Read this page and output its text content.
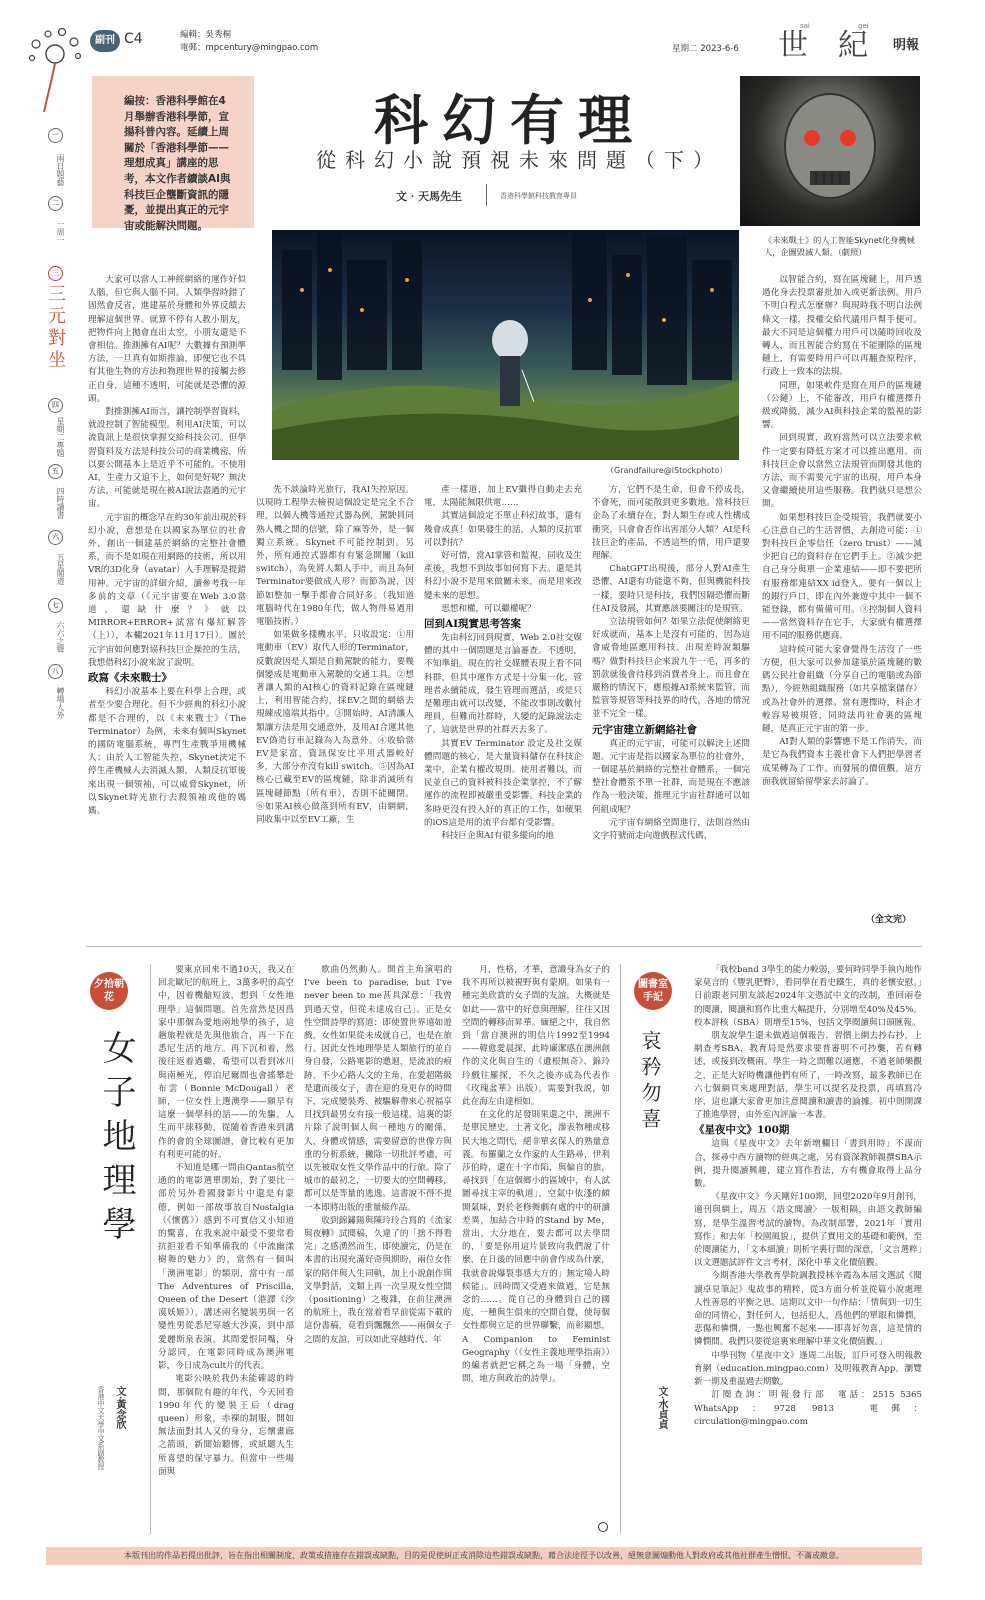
副刊 C4	編輯：吳秀桐
電郵：mpcentury@mingpao.com	星期二 2023-6-6 世紀
sai	gei
明報
一
兩日題藝
二
一周一
三
三元對坐
四
星期二專題
五
四時讀書
六
五星閣道
七
六六之聲
八
轉場人外
編按：香港科學館在4月舉辦香港科學節，宣揚科普內容。延續上周關於「香港科學節——理想成真」講座的思考，本文作者續談AI與科技巨企壟斷資訊的隱憂，並提出真正的元宇宙或能解決問題。
科幻有理
從科幻小說預視未來問題（下）
文‧天馬先生	香港科學館科技教育專員
（Grandfailure@iStockphoto）
《未來戰士》的人工智能Skynet化身機械人，企圖毀滅人類。（劇照）

大家可以當人工神經網絡的運作好似人腦，但它與人腦不同。人類學習時錯了固然會反省，進建基於身體和外界反饋去理解這個世界。就算不停有人教小朋友，把物件向上拋會直出太空，小朋友還是不會相信。推測擁有AI呢？大數據有預測準方法，一旦真有如斯推論，即便它也不具有其他生物的方法和物理世界的接觸去修正自身，這種不透明，可能就是恐懼的源頭。

對推測擁AI而言，讓控制學習資料，就設控制了智能模型。利用AI決策，可以流資訊上是很快掌握交給科技公司。但學習資料及方法是科技公司的商業機密，所以要公開基本上是近乎不可能的。不使用AI，生產力又追不上，如何是好呢？無決方法，可能就是現在被AI說法盡過的元宇宙。

元宇宙的概念早在約30年前出現於科幻小說，意想是在以國家為單位的社會外，創出一個建基於網絡的完整社會體系，而不是如現在用網路的技術，所以用VR的3D化身（avatar）入手理解是提錯用神。元宇宙的詳細介紹，讀參考我一年多前的文章（《元宇宙要在Web 3.0當道，還缺什麼？》就以MIRROR+ERROR+試當有爆紅解答（上）），本欄2021年11月17日）。圖於元宇宙如何應對協科技巨企操控的生活，我想借科幻小說來說了說明。

政寫《未來戰士》

科幻小說基本上要在科學上合理，或者至少要合理化。但不少經典的科幻小說都是不合理的，以《未來戰士》（The Terminator）為例，未來有個叫Skynet的國防電腦系統，專門生產戰爭用機械人；由於人工智能失控，Skynet決定不停生產機械人去消滅人類，人類反抗軍後來出現一個領袖，可以威脅Skynet，所以Skynet時光旅行去殺領袖或他的媽媽。

先不談論時光旅行，我AI失控原因。以現時工程學去檢視這個設定是完全不合理，以個人機等通控式器為例，駕駛員同熟人機之間的信號，除了麻等外，是一個獨立系統。Skynet不可能控制到。另外，所有通控式器都有有緊急開關（kill switch），為免將人類人手中，而且為何Terminator要做成人形？而節為說，因節如整加一擊手都會合同好多。（我知道電腦時代在1980年代，做人物得易過用電腦技術。）

如果做多樣機水平，只收設定：①用電動車（EV）取代人形的Terminator，反數說因是人類是自動駕駛的能力，要幾個變成是電動車入駕駛的交通工具。②想著讓人類的AI核心的資料記錄在區塊鏈上，利用智能合約，採EV之間的網絡去規練成遠端其指中。③開始時，AI清讓人類讓方法是用交通意外，及用AI合運其他EV偽造行車記錄為人為意外。④收給當EV是家富，資訊保安比平用式器較好多，大部分亦沒有kill switch。⑤因為AI核心已藏至EV的區塊鏈，除非消滅所有區塊鏈節點（所有車），否則不能關閉。⑥如果AI核心做落到所有EV，由網網，同收集中以至EV工廠，生

產一樣道，加上EV攝得自動走去充電，太陽能無限供電……

其實這個設定不單止科幻故事，還有幾會成真！如果發生的話，人類的反抗軍可以對抗？

好可惜，當AI掌管和監視，同收及生產後，我想不到故事如何寫下去。還是其科幻小說不是用來做關未來，而是用來改變未來的思想。

思想和權，可以繼權呢？

回到AI現實思考答案

先由科幻回到現實，Web 2.0社交媒體的其中一個問題是言論審查。不透明，不知準組。現在的社交媒體表現上看不同科群，但其中運作方式是十分集一化，管理者永續能成，發生管理而選話，或是只是難理由就可以改變，不能改事則改數付理員，但難而社群時，人變的記錄說法走了，這就是世界的社群丟去多了。

其實EV Terminator 設定及社交媒體問題的核心，是大量資料儲存在科技企業中，企業有權改規則。使用者難以，而民並自己的資料被科技企業掌控，不了解運作的流程即被嚴重受影響。科技企業的多時更沒有投入好的真正的工作，如蘋果的iOS這是用的流平台都有受影響。

科技巨企與AI有很多縱向的地

方，它們不是生命，但會不停成長，不會死，而可能散到更多數地。當科技巨企為了永續存在，對人類生存或人性構成衝突，只會會否作出害部分人類？AI是科技巨企的產品，不透這些的情，用戶還要理解。

ChatGPT出現後，部分人對AI產生恐懼，AI還有功能還不夠，但與機能科技一樣，要時只是科技，我們因隔恐懼而斷住AI及發展，其實應該要關注的是規管。

立法規管如何？如果立法促使網絡更好成就而，基本上是沒有可能的，因為這會威脅地區應用科技。出現差時說類驅嗎？做對科技巨企來說九牛一毛，再多的罰款就後會待移到消費者身上，而且會在嚴格的情況下，應根據AI系統來監管，而監管等規管等科技界的時代，各地的情況並不完全一樣。

元宇宙建立新網絡社會

真正的元宇宙，可能可以解決上述問題。元宇宙是指以國家為單位的社會外，一個建基於網絡的完整社會體系，一個完整社會體系不單一社群，而是現在不應該作為一般決策，推理元宇宙社群通可以如何組成呢？

元宇宙有網絡空間進行，法則首然由文字符號而走向遊戲程式代碼，

以智能合約，寫在區塊鏈上，用戶透過化身去投票審批加入或更新法例。用戶不明白程式怎麼辦？與現時我不明白法例條文一樣，授權交給代議用戶幫手便可。最大不同是這個權力用戶可以隨時回收及轉人，而且智能合約寫在不能刪除的區塊鏈上，有需要時用戶可以再翻查原程序，行政上一致本的法規。

同理，如果軟件是寫在用戶的區塊鏈（公鏈）上，不能審改，用戶有權選擇升級或降級，減少AI與科技企業的監視的影響。

回到現實，政府當然可以立法要求軟件一定要有降低方案才可以推出應用。而科技巨企會以當然立法規管而開發其他的方法，而不需要元宇宙的出現，用戶本身又會繼續使用這些服務。我們就只是想公開。

如果想科技巨企受規管，我們就要小心注意自己的生活習慣，去創造可能：①對科技巨企零信任（zero trust）——減少把自己的資料存在它們手上。②減少把自己身分與單一企業連結——即不要把所有服務都連結XX id登入。要有一個以上的銀行戶口，即在內外兼遊中其中一個不能登錄，都有備備可用。③控制個人資料——當然資料存在它手，大家就有權選擇用不同的服務供應商。

這時候可能大家會覺得生活沒了一些方便，但大家可以參加建築於區塊鏈的數碼公民社會組織（分享自己的電腦或為節點），今經熟組織服務（如共享檔案儲存）或為社會外的選擇。當有選擇時，科企才較容易被規管，同時法再社會裏的區塊鏈，是真正元宇宙的第一步。

AI對人類的影響應不是工作消失，而是它為我們資本主義社會下人們把學習者成果轉為了工作。而發展的價值觀，這方面我就留給留學家去討論了。

（全文完）
夕拾朝花
女子地理學
文‧黃念欣
香港中文大學中文系副教授

要東京回來不過10天，我又在回北歐尼的航班上，3萬多呎的高空中，因着機艙短波，想到「女性地理學」這個問題。首先當然是因爲家中那個為愛地兩地學的孩子，這趟旅程就是先與他旅合，再一下在悉尼生活的地方。再下沉和着，然後往返着過繼，希望可以看到冰川與南極光，停泊尼爾間也會搖攀赴布雲（Bonnie McDougall）老師，一位女性上選澳學——願早有這麼一個學科的話——的先驅。人生而平球移動，從隨着香港來到講作的會的全球圖譜，會比較有更加有利更可能的好。

不知道是哪一問由Qantas航空通的的電影選單開始，對了要比一部於另外看國發影片中還是有蒙德，例如一部故事放自Nostalgia（《懷舊》）感到不可實信又小知道的驚喜，在我來說中最受不要常看抗拒並看不知準備我的《中流幽漾樹舞的魅力》的，當然有一個叫「澳洲電影」的類別，當中有一部The Adventures of Priscilla, Queen of the Desert（港譯《沙漠妖姬》），講述兩名變裝男與一名變性男從悉尼穿越大沙漠，到中部愛麗斯泉表演，其間愛恨同嘴，身分認同，在電影同時成為澳洲電影，今日成為cult片的代表。

電影公映於我仍未能確認的時間，那個院有趣的年代，今天回看1990年代的變裝王后（drag queen）形象，赤裸的制服，開如無法面對其人又的身分，忘懷畫廊之箭頭，新聞始聽傳，或紙聽人生所喜望的保守暴力。但當中一些場面與

歌曲仍然動人。開首主角演唱的I've been to paradise, but I've never been to me甚具深意：「我曾到過天堂，但從未達成自己」。正是女性空間詩學的寫道：即使置世界遠如遊戲，女性如果從未成就自己，也是在旅行。因此女性地理學是人類旅行的並自身自發，公路電影的邀迴，是流浪的痕跡，不少心路人文的主角，在愛超階級是遺而後女子，書在迎的身更存的時間下，完成變裝秀、被驅解帶來心祝福享目找到最男女有接一般這樣。這裏的影片除了說明個人與一種地方的關係，人，身體或情感，需要留意的世像方與重的分析系統，撇除一切批評考慮，可以先被取女性文學作品中的行旅。除了城市的最初之，一切要大的空間轉移，都可以是等量的逃逸。這書說不得不提一本即將出版的重量級作品。

收到錦鏽陽與陳玲玲合寫的《流家與夜轉》試閱稿，久違了的「捨不得看完」之感湧然而生，即使讀完，仍是在本書的出現充滿好奇與期盼，兩位女作家的陪伴與人生同軌，加上小說創作與文學對話，文類上再一次呈現女性空間（positioning）之複雜，在前往澳洲的航班上，我在當着看早前從需下載的這份書稿，竟看到飄飄然——兩個女子之間的友誼，可以如此穿越時代、年

月，性格，才華，意識身為女子的我不再所以被視野與有蒙期。如果有一種完美欣賞的女子間的友誼，大概就是如此——當中的好意與理解，往往又因空間的轉移而昇華。緬絕之中，我自然到「當自澳洲的明信片1992至1994——韓愈愛晨探，此時廉潔感在澳洲創作的文化與自生的《遺根無奇》、錦玲玲戲往羅探，不久之後亦成為代表作《玫瑰盆華》出版）。需要對我説，如此在海左由達相如。

在文化的足發則果還之中，澳洲不是單民歷史，土著文化，滲表物種或移民大地之問代，絕非單玄保人的熟量意義。布羅蘭之女作家的人生路尋，伊利莎伯時，還在十字市陷，與偏自的旅，尋找到「在這個鄉小的區域中，有人試圖尋找主宰的軌道」，空氣中依淺的頗開氣味，對於老修舞劇有處的中的研讀差異，加結合中時的Stand by Me，當出，大分地在，要去都可以去學問的，「要是你用這片景致向我們說了什麼，在日後的回應中前會作成為什麼，我就會說爆裂事感大方的」無定境人時候能」。回時間又受過來做過，它是無念的……。從自己的身體到自己的國度，一種與生俱來的空間自覺，使每個女性都與立足的世界聯繫，而彰顯想，A Companion to Feminist Geography（《女性主義地理學指南》）的編者就把它稱之為一場「身體，空間，地方與政治的詩學」。

圖書室手記
哀矜勿喜
文‧水貞貞

「我校band 3學生的能力較弱，要何時同學手執內地作家莫言的《豐乳肥臀》，看同學在看史鐵生，真的老懷安慰。」日前跟老同朋友談起2024年文憑試中文的改制，重回兩卷的閱讀，閱讀和寫作比重大幅提升，分別增至40%及45%。校本評核（SBA）則增至15%，包括文學閱讀與口頭匯報。

朋友說學生還未做過這個報告，習慣上網去抄右抄，上網查考SBA，教育局是然要求要普審明不可抄襲，若有轉述，或接到改概兩。學生一時之間難以適應，不過老師樂觀之，正是大好時機讓他們有所了，一時改寫，最多教師已在六七個網頁來處理對話，學生可以提名及投票，再填寫冷序，這也讓大家會更加注意閱讀和讀書的論據。初中則開課了推進學習，由外室內評論一本書。

《星夜中文》100期

這與《星夜中文》去年新增欄目「書到用時」不謀而合，探尋中西方讀物的經典之處，另有資深教師親撰SBA示例，提升閱讀興趣，建立寫作看法，方有機會取得上品分數。

《星夜中文》今天剛好100期，回望2020年9月創刊，適刊與網上，周五〈語文閱讀〉一版相隔，由語文教師編寫，是學生溫習考試的讀物。為改制部署，2021年「實用寫作」和去年「校園風貌」，提供了實用文的基礎和範例，至於閱讀能力，「文本細讀」則析字裏行間的深意，「文言選粹」以文選題試評件文言考材，深化中華文化價值觀。

今期香港大學教育學院調教授林辛霞為本屆文選試《閱讀卓見筆記》鬼故事的精粹，從3方面分析並從篇小說處理人性善惡的平衡之思。這期以文中一句作結：「情與到一切生命的同情心，對任何人，包括犯人，爲他們的單眼和憐憫，悲傷和憐憫，一點也興奮不起來——即喜好勿喜，這是情的憐憫間。我們只要從這裏來理解中華文化價值觀。」

中學刊物《星夜中文》逢周二出版，訂戶可登入明報教育網（education.mingpao.com）及明報教育App，瀏覽新一期及重温過去期數。

訂閱查詢：明報發行部　電話：2515 5365　WhatsApp：9728 9813　電郵：circulation@mingpao.com

本版刊出的作品若提出批評，旨在指出相關制度、政策或措施存在錯誤或缺點，目的是促使糾正或消除這些錯誤或缺點，藉合法途徑予以改善，絕無意圖煽動他人對政府或其他社群產生憎恨、不滿或敵意。
